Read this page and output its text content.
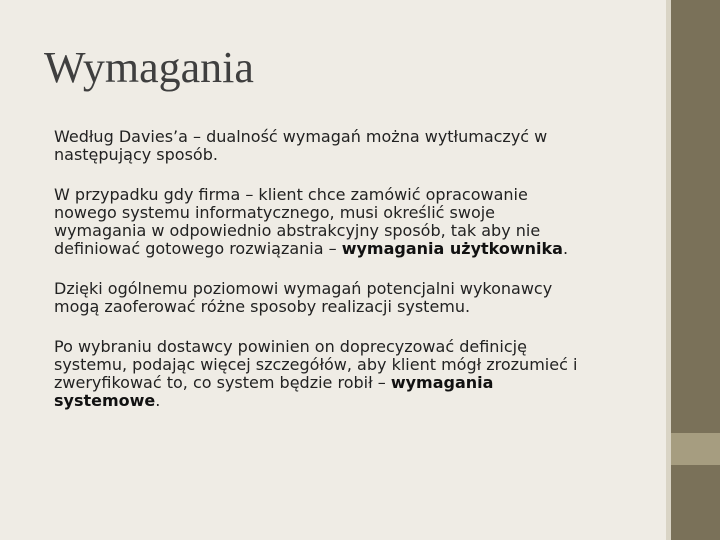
Wymagania

Według Davies’a – dualność wymagań można wytłumaczyć w
następujący sposób.

W przypadku gdy firma – klient chce zamówić opracowanie
nowego systemu informatycznego, musi określić swoje
wymagania w odpowiednio abstrakcyjny sposób, tak aby nie
definiować gotowego rozwiązania – wymagania użytkownika.

Dzięki ogólnemu poziomowi wymagań potencjalni wykonawcy
mogą zaoferować różne sposoby realizacji systemu.

Po wybraniu dostawcy powinien on doprecyzować definicję
systemu, podając więcej szczegółów, aby klient mógł zrozumieć i
zweryfikować to, co system będzie robił – wymagania
systemowe.
